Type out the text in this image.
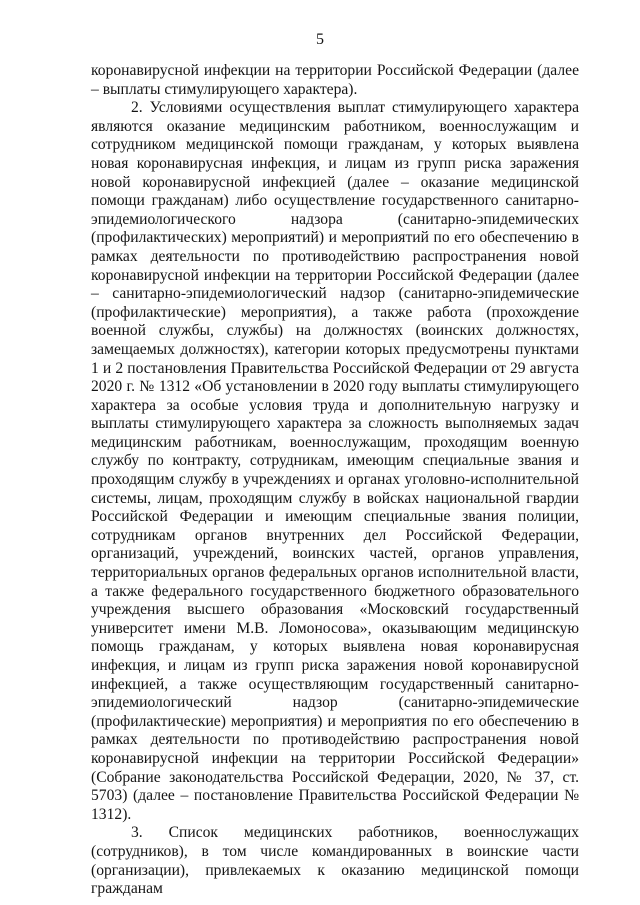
5

коронавирусной инфекции на территории Российской Федерации (далее – выплаты стимулирующего характера).

2. Условиями осуществления выплат стимулирующего характера являются оказание медицинским работником, военнослужащим и сотрудником медицинской помощи гражданам, у которых выявлена новая коронавирусная инфекция, и лицам из групп риска заражения новой коронавирусной инфекцией (далее – оказание медицинской помощи гражданам) либо осуществление государственного санитарно-эпидемиологического надзора (санитарно-эпидемических (профилактических) мероприятий) и мероприятий по его обеспечению в рамках деятельности по противодействию распространения новой коронавирусной инфекции на территории Российской Федерации (далее – санитарно-эпидемиологический надзор (санитарно-эпидемические (профилактические) мероприятия), а также работа (прохождение военной службы, службы) на должностях (воинских должностях, замещаемых должностях), категории которых предусмотрены пунктами 1 и 2 постановления Правительства Российской Федерации от 29 августа 2020 г. № 1312 «Об установлении в 2020 году выплаты стимулирующего характера за особые условия труда и дополнительную нагрузку и выплаты стимулирующего характера за сложность выполняемых задач медицинским работникам, военнослужащим, проходящим военную службу по контракту, сотрудникам, имеющим специальные звания и проходящим службу в учреждениях и органах уголовно-исполнительной системы, лицам, проходящим службу в войсках национальной гвардии Российской Федерации и имеющим специальные звания полиции, сотрудникам органов внутренних дел Российской Федерации, организаций, учреждений, воинских частей, органов управления, территориальных органов федеральных органов исполнительной власти, а также федерального государственного бюджетного образовательного учреждения высшего образования «Московский государственный университет имени М.В. Ломоносова», оказывающим медицинскую помощь гражданам, у которых выявлена новая коронавирусная инфекция, и лицам из групп риска заражения новой коронавирусной инфекцией, а также осуществляющим государственный санитарно-эпидемиологический надзор (санитарно-эпидемические (профилактические) мероприятия) и мероприятия по его обеспечению в рамках деятельности по противодействию распространения новой коронавирусной инфекции на территории Российской Федерации» (Собрание законодательства Российской Федерации, 2020, № 37, ст. 5703) (далее – постановление Правительства Российской Федерации № 1312).

3. Список медицинских работников, военнослужащих (сотрудников), в том числе командированных в воинские части (организации), привлекаемых к оказанию медицинской помощи гражданам
